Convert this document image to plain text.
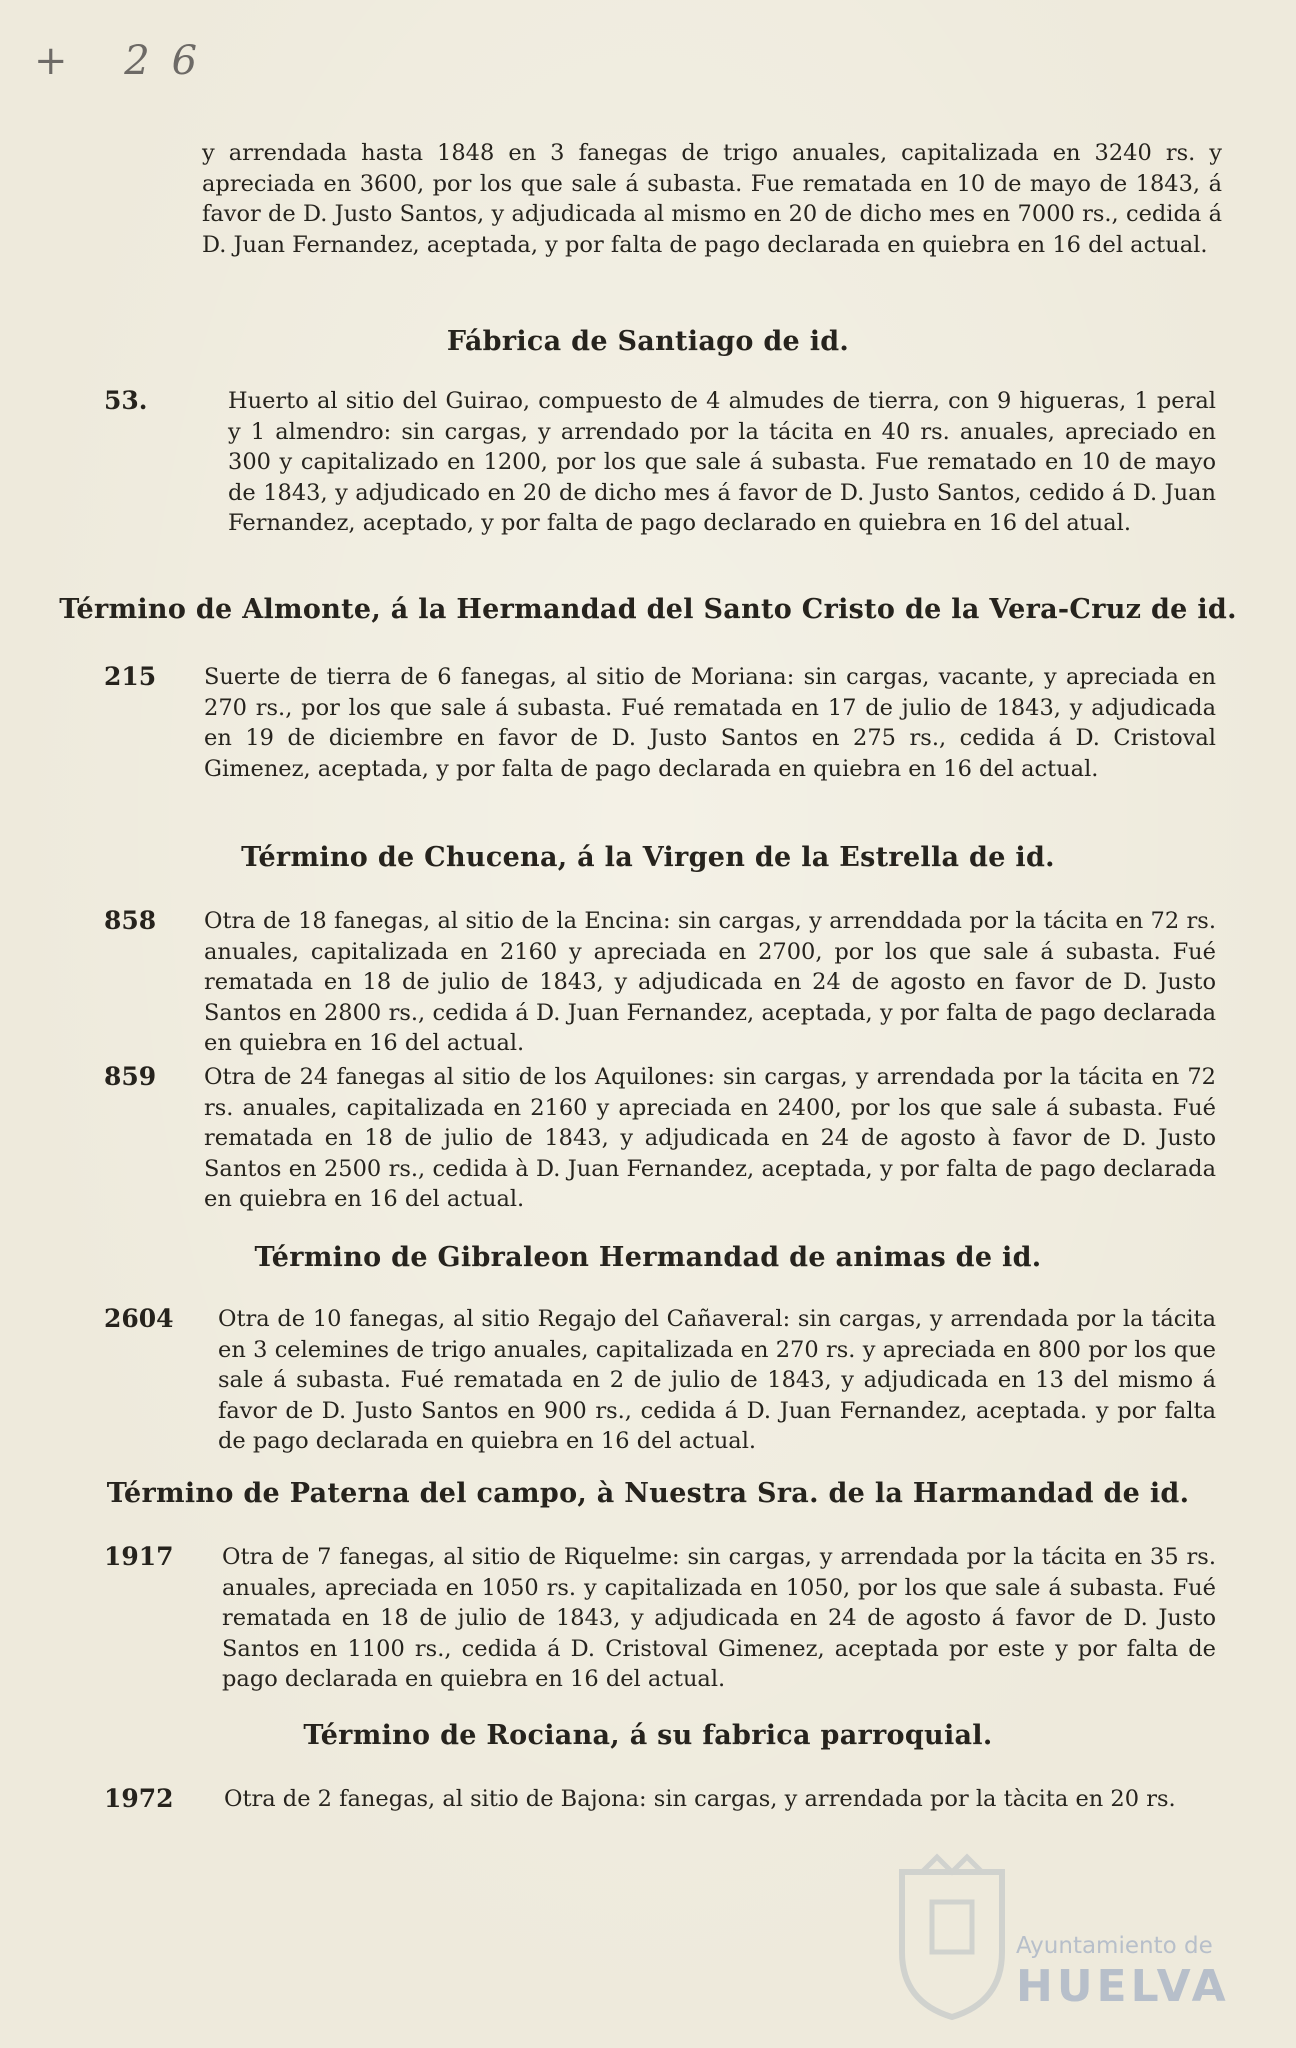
+ 26
y arrendada hasta 1848 en 3 fanegas de trigo anuales, capitalizada en 3240 rs. y apreciada en 3600, por los que sale á subasta. Fue rematada en 10 de mayo de 1843, á favor de D. Justo Santos, y adjudicada al mismo en 20 de dicho mes en 7000 rs., cedida á D. Juan Fernandez, aceptada, y por falta de pago declarada en quiebra en 16 del actual.
Fábrica de Santiago de id.
53.	Huerto al sitio del Guirao, compuesto de 4 almudes de tierra, con 9 higueras, 1 peral y 1 almendro: sin cargas, y arrendado por la tácita en 40 rs. anuales, apreciado en 300 y capitalizado en 1200, por los que sale á subasta. Fue rematado en 10 de mayo de 1843, y adjudicado en 20 de dicho mes á favor de D. Justo Santos, cedido á D. Juan Fernandez, aceptado, y por falta de pago declarado en quiebra en 16 del atual.
Término de Almonte, á la Hermandad del Santo Cristo de la Vera-Cruz de id.
215 Suerte de tierra de 6 fanegas, al sitio de Moriana: sin cargas, vacante, y apreciada en 270 rs., por los que sale á subasta. Fué rematada en 17 de julio de 1843, y adjudicada en 19 de diciembre en favor de D. Justo Santos en 275 rs., cedida á D. Cristoval Gimenez, aceptada, y por falta de pago declarada en quiebra en 16 del actual.
Término de Chucena, á la Virgen de la Estrella de id.
858 Otra de 18 fanegas, al sitio de la Encina: sin cargas, y arrenddada por la tácita en 72 rs. anuales, capitalizada en 2160 y apreciada en 2700, por los que sale á subasta. Fué rematada en 18 de julio de 1843, y adjudicada en 24 de agosto en favor de D. Justo Santos en 2800 rs., cedida á D. Juan Fernandez, aceptada, y por falta de pago declarada en quiebra en 16 del actual.
859 Otra de 24 fanegas al sitio de los Aquilones: sin cargas, y arrendada por la tácita en 72 rs. anuales, capitalizada en 2160 y apreciada en 2400, por los que sale á subasta. Fué rematada en 18 de julio de 1843, y adjudicada en 24 de agosto à favor de D. Justo Santos en 2500 rs., cedida à D. Juan Fernandez, aceptada, y por falta de pago declarada en quiebra en 16 del actual.
Término de Gibraleon Hermandad de animas de id.
2604 Otra de 10 fanegas, al sitio Regajo del Cañaveral: sin cargas, y arrendada por la tácita en 3 celemines de trigo anuales, capitalizada en 270 rs. y apreciada en 800 por los que sale á subasta. Fué rematada en 2 de julio de 1843, y adjudicada en 13 del mismo á favor de D. Justo Santos en 900 rs., cedida á D. Juan Fernandez, aceptada. y por falta de pago declarada en quiebra en 16 del actual.
Término de Paterna del campo, à Nuestra Sra. de la Harmandad de id.
1917 Otra de 7 fanegas, al sitio de Riquelme: sin cargas, y arrendada por la tácita en 35 rs. anuales, apreciada en 1050 rs. y capitalizada en 1050, por los que sale á subasta. Fué rematada en 18 de julio de 1843, y adjudicada en 24 de agosto á favor de D. Justo Santos en 1100 rs., cedida á D. Cristoval Gimenez, aceptada por este y por falta de pago declarada en quiebra en 16 del actual.
Término de Rociana, á su fabrica parroquial.
1972 Otra de 2 fanegas, al sitio de Bajona: sin cargas, y arrendada por la tàcita en 20 rs.
Ayuntamiento de
HUELVA
